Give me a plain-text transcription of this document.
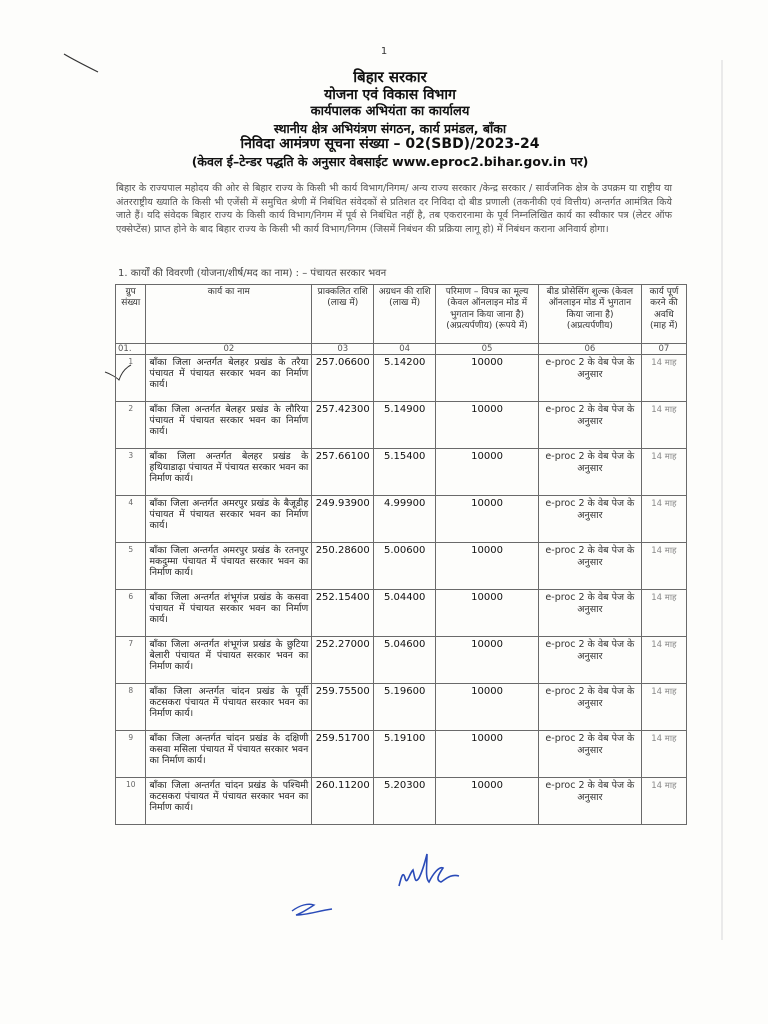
1
बिहार सरकार
योजना एवं विकास विभाग
कार्यपालक अभियंता का कार्यालय
स्थानीय क्षेत्र अभियंत्रण संगठन, कार्य प्रमंडल, बाँका
निविदा आमंत्रण सूचना संख्या – 02(SBD)/2023-24
(केवल ई–टेन्डर पद्धति के अनुसार वेबसाईट www.eproc2.bihar.gov.in पर)
बिहार के राज्यपाल महोदय की ओर से बिहार राज्य के किसी भी कार्य विभाग/निगम/ अन्य राज्य सरकार /केन्द्र सरकार / सार्वजनिक क्षेत्र के उपक्रम या राष्ट्रीय या अंतरराष्ट्रीय ख्याति के किसी भी एजेंसी में समुचित श्रेणी में निबंधित संवेदकों से प्रतिशत दर निविदा दो बीड प्रणाली (तकनीकी एवं वित्तीय) अन्तर्गत आमंत्रित किये जाते हैं। यदि संवेदक बिहार राज्य के किसी कार्य विभाग/निगम में पूर्व से निबंधित नहीं है, तब एकरारनामा के पूर्व निम्नलिखित कार्य का स्वीकार पत्र (लेटर ऑफ एक्सेप्टेंस) प्राप्त होने के बाद बिहार राज्य के किसी भी कार्य विभाग/निगम (जिसमें निबंधन की प्रक्रिया लागू हो) में निबंधन कराना अनिवार्य होगा।
1. कार्यों की विवरणी (योजना/शीर्ष/मद का नाम) : – पंचायत सरकार भवन
ग्रुप संख्या	कार्य का नाम	प्राक्कलित राशि (लाख में)	अग्रधन की राशि (लाख में)	परिमाण – विपत्र का मूल्य (केवल ऑनलाइन मोड में भुगतान किया जाना है) (अप्रत्यर्पणीय) (रूपये में)	बीड प्रोसेसिंग शुल्क (केवल ऑनलाइन मोड में भुगतान किया जाना है) (अप्रत्यर्पणीय)	कार्य पूर्ण करने की अवधि (माह में)
01.	02	03	04	05	06	07
1	बाँका जिला अन्तर्गत बेलहर प्रखंड के तरैया पंचायत में पंचायत सरकार भवन का निर्माण कार्य।	257.06600	5.14200	10000	e-proc 2 के वेब पेज के अनुसार	14 माह
2	बाँका जिला अन्तर्गत बेलहर प्रखंड के लौरिया पंचायत में पंचायत सरकार भवन का निर्माण कार्य।	257.42300	5.14900	10000	e-proc 2 के वेब पेज के अनुसार	14 माह
3	बाँका जिला अन्तर्गत बेलहर प्रखंड के हथियाडाढ़ा पंचायत में पंचायत सरकार भवन का निर्माण कार्य।	257.66100	5.15400	10000	e-proc 2 के वेब पेज के अनुसार	14 माह
4	बाँका जिला अन्तर्गत अमरपुर प्रखंड के बैजूडीह पंचायत में पंचायत सरकार भवन का निर्माण कार्य।	249.93900	4.99900	10000	e-proc 2 के वेब पेज के अनुसार	14 माह
5	बाँका जिला अन्तर्गत अमरपुर प्रखंड के रतनपुर मकदुम्मा पंचायत में पंचायत सरकार भवन का निर्माण कार्य।	250.28600	5.00600	10000	e-proc 2 के वेब पेज के अनुसार	14 माह
6	बाँका जिला अन्तर्गत शंभूगंज प्रखंड के कसवा पंचायत में पंचायत सरकार भवन का निर्माण कार्य।	252.15400	5.04400	10000	e-proc 2 के वेब पेज के अनुसार	14 माह
7	बाँका जिला अन्तर्गत शंभूगंज प्रखंड के छुटिया बेलारी पंचायत में पंचायत सरकार भवन का निर्माण कार्य।	252.27000	5.04600	10000	e-proc 2 के वेब पेज के अनुसार	14 माह
8	बाँका जिला अन्तर्गत चांदन प्रखंड के पूर्वी कटसकरा पंचायत में पंचायत सरकार भवन का निर्माण कार्य।	259.75500	5.19600	10000	e-proc 2 के वेब पेज के अनुसार	14 माह
9	बाँका जिला अन्तर्गत चांदन प्रखंड के दक्षिणी कसवा मसिला पंचायत में पंचायत सरकार भवन का निर्माण कार्य।	259.51700	5.19100	10000	e-proc 2 के वेब पेज के अनुसार	14 माह
10	बाँका जिला अन्तर्गत चांदन प्रखंड के पश्चिमी कटसकरा पंचायत में पंचायत सरकार भवन का निर्माण कार्य।	260.11200	5.20300	10000	e-proc 2 के वेब पेज के अनुसार	14 माह
